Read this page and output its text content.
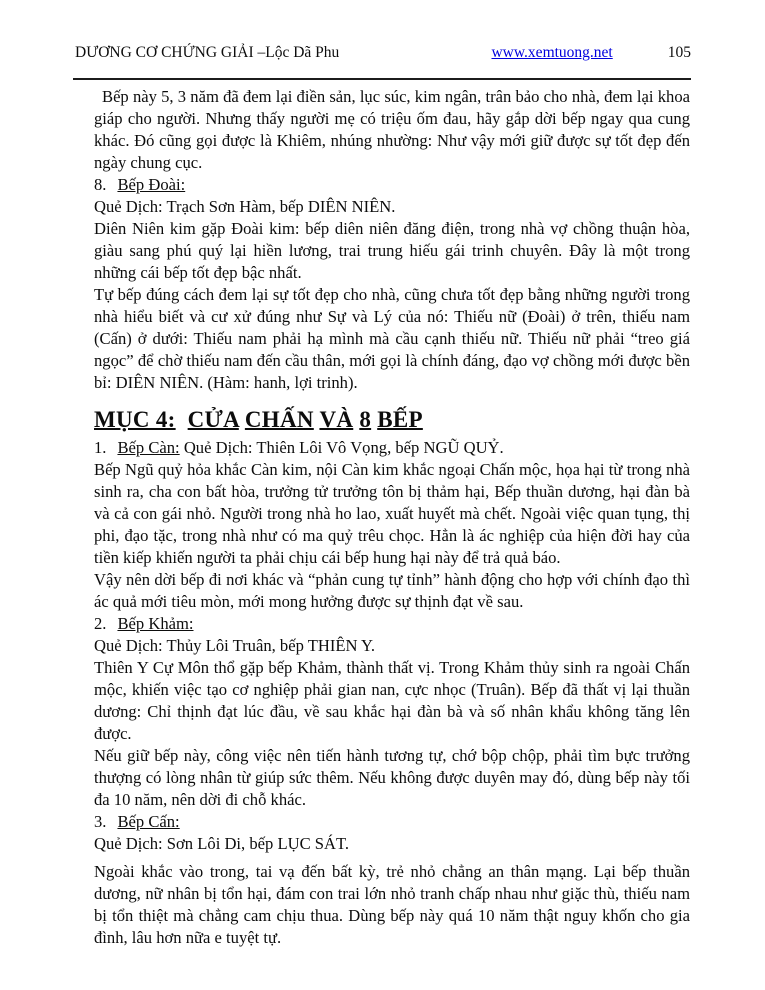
DƯƠNG CƠ CHỨNG GIẢI –Lộc Dã Phu	www.xemtuong.net	105

Bếp này 5, 3 năm đã đem lại điền sản, lục súc, kim ngân, trân bảo cho nhà, đem lại khoa giáp cho người. Nhưng thấy người mẹ có triệu ốm đau, hãy gắp dời bếp ngay qua cung khác. Đó cũng gọi được là Khiêm, nhúng nhường: Như vậy mới giữ được sự tốt đẹp đến ngày chung cục.

8. Bếp Đoài:

Quẻ Dịch: Trạch Sơn Hàm, bếp DIÊN NIÊN.

Diên Niên kim gặp Đoài kim: bếp diên niên đăng điện, trong nhà vợ chồng thuận hòa, giàu sang phú quý lại hiền lương, trai trung hiếu gái trinh chuyên. Đây là một trong những cái bếp tốt đẹp bậc nhất.

Tự bếp đúng cách đem lại sự tốt đẹp cho nhà, cũng chưa tốt đẹp bằng những người trong nhà hiểu biết và cư xử đúng như Sự và Lý của nó: Thiếu nữ (Đoài) ở trên, thiếu nam (Cấn) ở dưới: Thiếu nam phải hạ mình mà cầu cạnh thiếu nữ. Thiếu nữ phải “treo giá ngọc” để chờ thiếu nam đến cầu thân, mới gọi là chính đáng, đạo vợ chồng mới được bền bỉ: DIÊN NIÊN. (Hàm: hanh, lợi trinh).

MỤC 4: CỬA CHẤN VÀ 8 BẾP

1. Bếp Càn: Quẻ Dịch: Thiên Lôi Vô Vọng, bếp NGŨ QUỶ.

Bếp Ngũ quỷ hỏa khắc Càn kim, nội Càn kim khắc ngoại Chấn mộc, họa hại từ trong nhà sinh ra, cha con bất hòa, trưởng tử trưởng tôn bị thảm hại, Bếp thuần dương, hại đàn bà và cả con gái nhỏ. Người trong nhà ho lao, xuất huyết mà chết. Ngoài việc quan tụng, thị phi, đạo tặc, trong nhà như có ma quỷ trêu chọc. Hẳn là ác nghiệp của hiện đời hay của tiền kiếp khiến người ta phải chịu cái bếp hung hại này để trả quả báo.

Vậy nên dời bếp đi nơi khác và “phản cung tự tỉnh” hành động cho hợp với chính đạo thì ác quả mới tiêu mòn, mới mong hưởng được sự thịnh đạt về sau.

2. Bếp Khảm:

Quẻ Dịch: Thủy Lôi Truân, bếp THIÊN Y.

Thiên Y Cự Môn thổ gặp bếp Khảm, thành thất vị. Trong Khảm thủy sinh ra ngoài Chấn mộc, khiến việc tạo cơ nghiệp phải gian nan, cực nhọc (Truân). Bếp đã thất vị lại thuần dương: Chỉ thịnh đạt lúc đầu, về sau khắc hại đàn bà và số nhân khẩu không tăng lên được.

Nếu giữ bếp này, công việc nên tiến hành tương tự, chớ bộp chộp, phải tìm bực trưởng thượng có lòng nhân từ giúp sức thêm. Nếu không được duyên may đó, dùng bếp này tối đa 10 năm, nên dời đi chỗ khác.

3. Bếp Cấn:

Quẻ Dịch: Sơn Lôi Di, bếp LỤC SÁT.

Ngoài khắc vào trong, tai vạ đến bất kỳ, trẻ nhỏ chẳng an thân mạng. Lại bếp thuần dương, nữ nhân bị tổn hại, đám con trai lớn nhỏ tranh chấp nhau như giặc thù, thiếu nam bị tổn thiệt mà chẳng cam chịu thua. Dùng bếp này quá 10 năm thật nguy khốn cho gia đình, lâu hơn nữa e tuyệt tự.
